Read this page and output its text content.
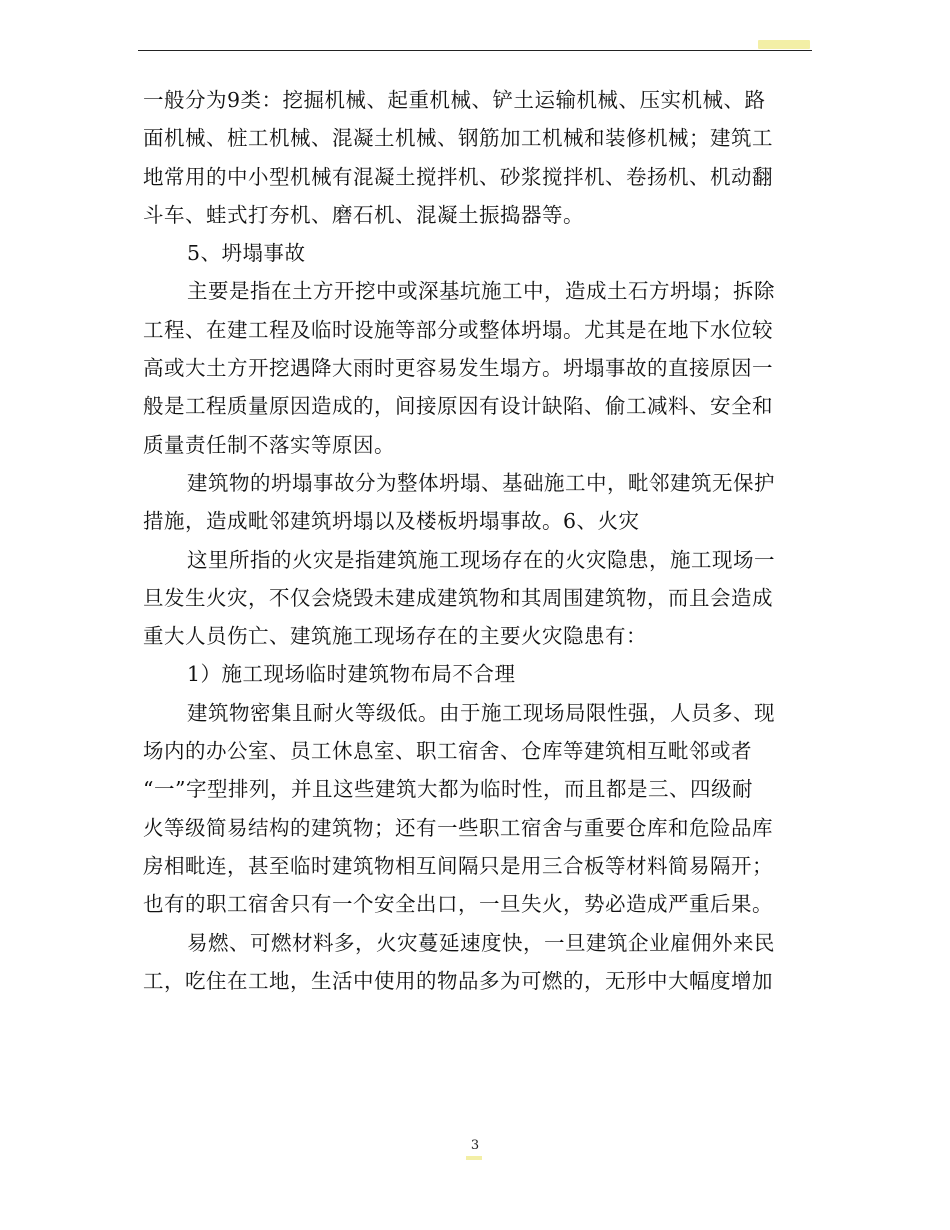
一般分为9类：挖掘机械、起重机械、铲土运输机械、压实机械、路
面机械、桩工机械、混凝土机械、钢筋加工机械和装修机械；建筑工
地常用的中小型机械有混凝土搅拌机、砂浆搅拌机、卷扬机、机动翻
斗车、蛙式打夯机、磨石机、混凝土振捣器等。
5、坍塌事故
主要是指在土方开挖中或深基坑施工中，造成土石方坍塌；拆除
工程、在建工程及临时设施等部分或整体坍塌。尤其是在地下水位较
高或大土方开挖遇降大雨时更容易发生塌方。坍塌事故的直接原因一
般是工程质量原因造成的，间接原因有设计缺陷、偷工减料、安全和
质量责任制不落实等原因。
建筑物的坍塌事故分为整体坍塌、基础施工中，毗邻建筑无保护
措施，造成毗邻建筑坍塌以及楼板坍塌事故。6、火灾
这里所指的火灾是指建筑施工现场存在的火灾隐患，施工现场一
旦发生火灾，不仅会烧毁未建成建筑物和其周围建筑物，而且会造成
重大人员伤亡、建筑施工现场存在的主要火灾隐患有：
1）施工现场临时建筑物布局不合理
建筑物密集且耐火等级低。由于施工现场局限性强，人员多、现
场内的办公室、员工休息室、职工宿舍、仓库等建筑相互毗邻或者
“一”字型排列，并且这些建筑大都为临时性，而且都是三、四级耐
火等级简易结构的建筑物；还有一些职工宿舍与重要仓库和危险品库
房相毗连，甚至临时建筑物相互间隔只是用三合板等材料简易隔开；
也有的职工宿舍只有一个安全出口，一旦失火，势必造成严重后果。
易燃、可燃材料多，火灾蔓延速度快，一旦建筑企业雇佣外来民
工，吃住在工地，生活中使用的物品多为可燃的，无形中大幅度增加
3
